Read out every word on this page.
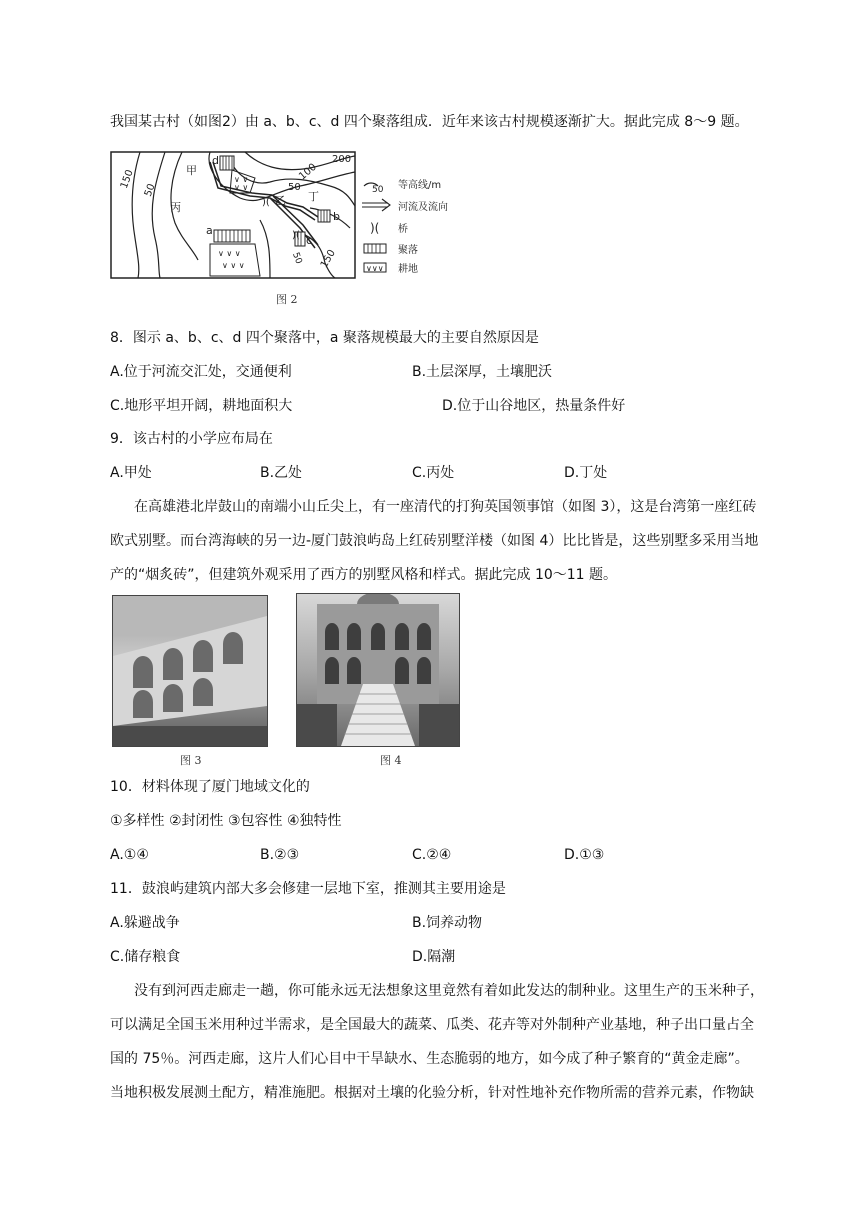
我国某古村（如图2）由 a、b、c、d 四个聚落组成．近年来该古村规模逐渐扩大。据此完成 8～9 题。
∨ ∨ ∨
∨ ∨ ∨
∨ ∨
∨ ∨
)(
)(
甲
丙
乙 丁
a
b
c
d
150
50	50
100
200
50 150
50 等高线/m
河流及流向
)( 桥
聚落
∨∨∨ 耕地
图 2
8．图示 a、b、c、d 四个聚落中，a 聚落规模最大的主要自然原因是
A.位于河流交汇处，交通便利	B.土层深厚，土壤肥沃
C.地形平坦开阔，耕地面积大	D.位于山谷地区，热量条件好
9．该古村的小学应布局在
A.甲处	B.乙处	C.丙处	D.丁处
在高雄港北岸鼓山的南端小山丘尖上，有一座清代的打狗英国领事馆（如图 3），这是台湾第一座红砖
欧式别墅。而台湾海峡的另一边-厦门鼓浪屿岛上红砖别墅洋楼（如图 4）比比皆是，这些别墅多采用当地
产的“烟炙砖”，但建筑外观采用了西方的别墅风格和样式。据此完成 10～11 题。
图 3	图 4
10．材料体现了厦门地域文化的
①多样性 ②封闭性 ③包容性 ④独特性
A.①④	B.②③	C.②④	D.①③
11．鼓浪屿建筑内部大多会修建一层地下室，推测其主要用途是
A.躲避战争	B.饲养动物
C.储存粮食	D.隔潮
没有到河西走廊走一趟，你可能永远无法想象这里竟然有着如此发达的制种业。这里生产的玉米种子，
可以满足全国玉米用种过半需求，是全国最大的蔬菜、瓜类、花卉等对外制种产业基地，种子出口量占全
国的 75％。河西走廊，这片人们心目中干旱缺水、生态脆弱的地方，如今成了种子繁育的“黄金走廊”。
当地积极发展测土配方，精准施肥。根据对土壤的化验分析，针对性地补充作物所需的营养元素，作物缺
